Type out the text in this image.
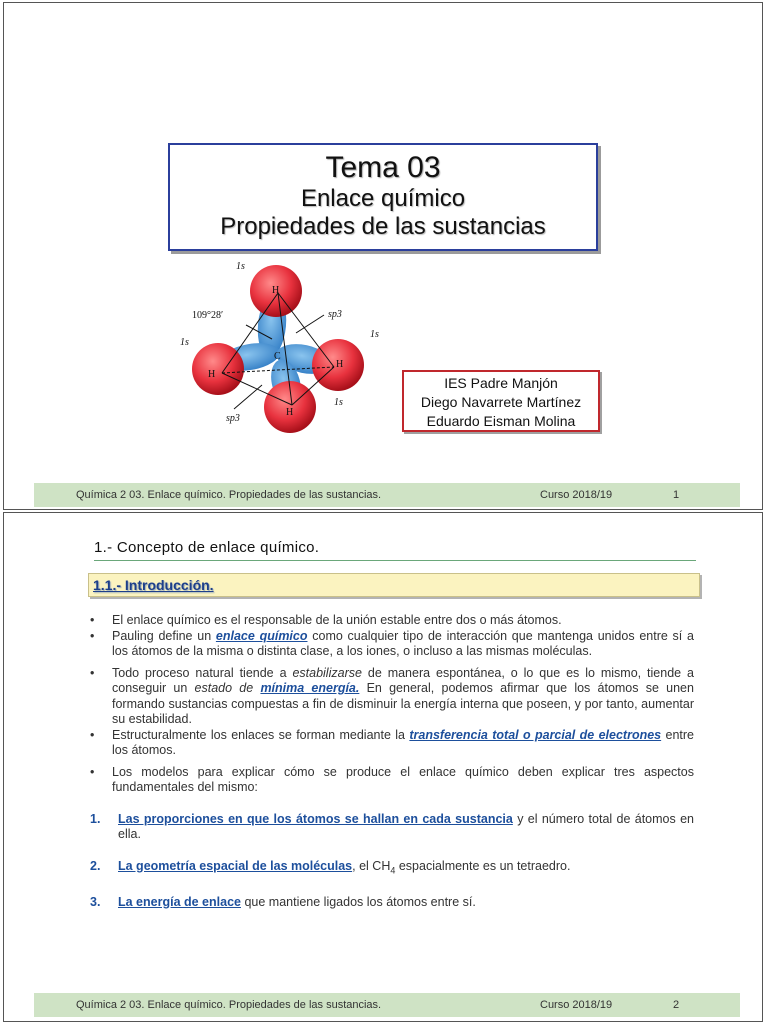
Tema 03
Enlace químico
Propiedades de las sustancias
1s
H
109°28′	sp3
1s
1s
H
C
H
H
1s
sp3
IES Padre Manjón
Diego Navarrete Martínez
Eduardo Eisman Molina
Química 2 03. Enlace químico. Propiedades de las sustancias.	Curso 2018/19	1
1.- Concepto de enlace químico.
1.1.- Introducción.
• El enlace químico es el responsable de la unión estable entre dos o más átomos.
• Pauling define un enlace químico como cualquier tipo de interacción que mantenga unidos entre sí a los átomos de la misma o distinta clase, a los iones, o incluso a las mismas moléculas.
• Todo proceso natural tiende a estabilizarse de manera espontánea, o lo que es lo mismo, tiende a conseguir un estado de mínima energía. En general, podemos afirmar que los átomos se unen formando sustancias compuestas a fin de disminuir la energía interna que poseen, y por tanto, aumentar su estabilidad.
• Estructuralmente los enlaces se forman mediante la transferencia total o parcial de electrones entre los átomos.
• Los modelos para explicar cómo se produce el enlace químico deben explicar tres aspectos fundamentales del mismo:
1. Las proporciones en que los átomos se hallan en cada sustancia y el número total de átomos en ella.
2. La geometría espacial de las moléculas, el $CH_4$ espacialmente es un tetraedro.
3. La energía de enlace que mantiene ligados los átomos entre sí.
Química 2 03. Enlace químico. Propiedades de las sustancias.	Curso 2018/19	2
